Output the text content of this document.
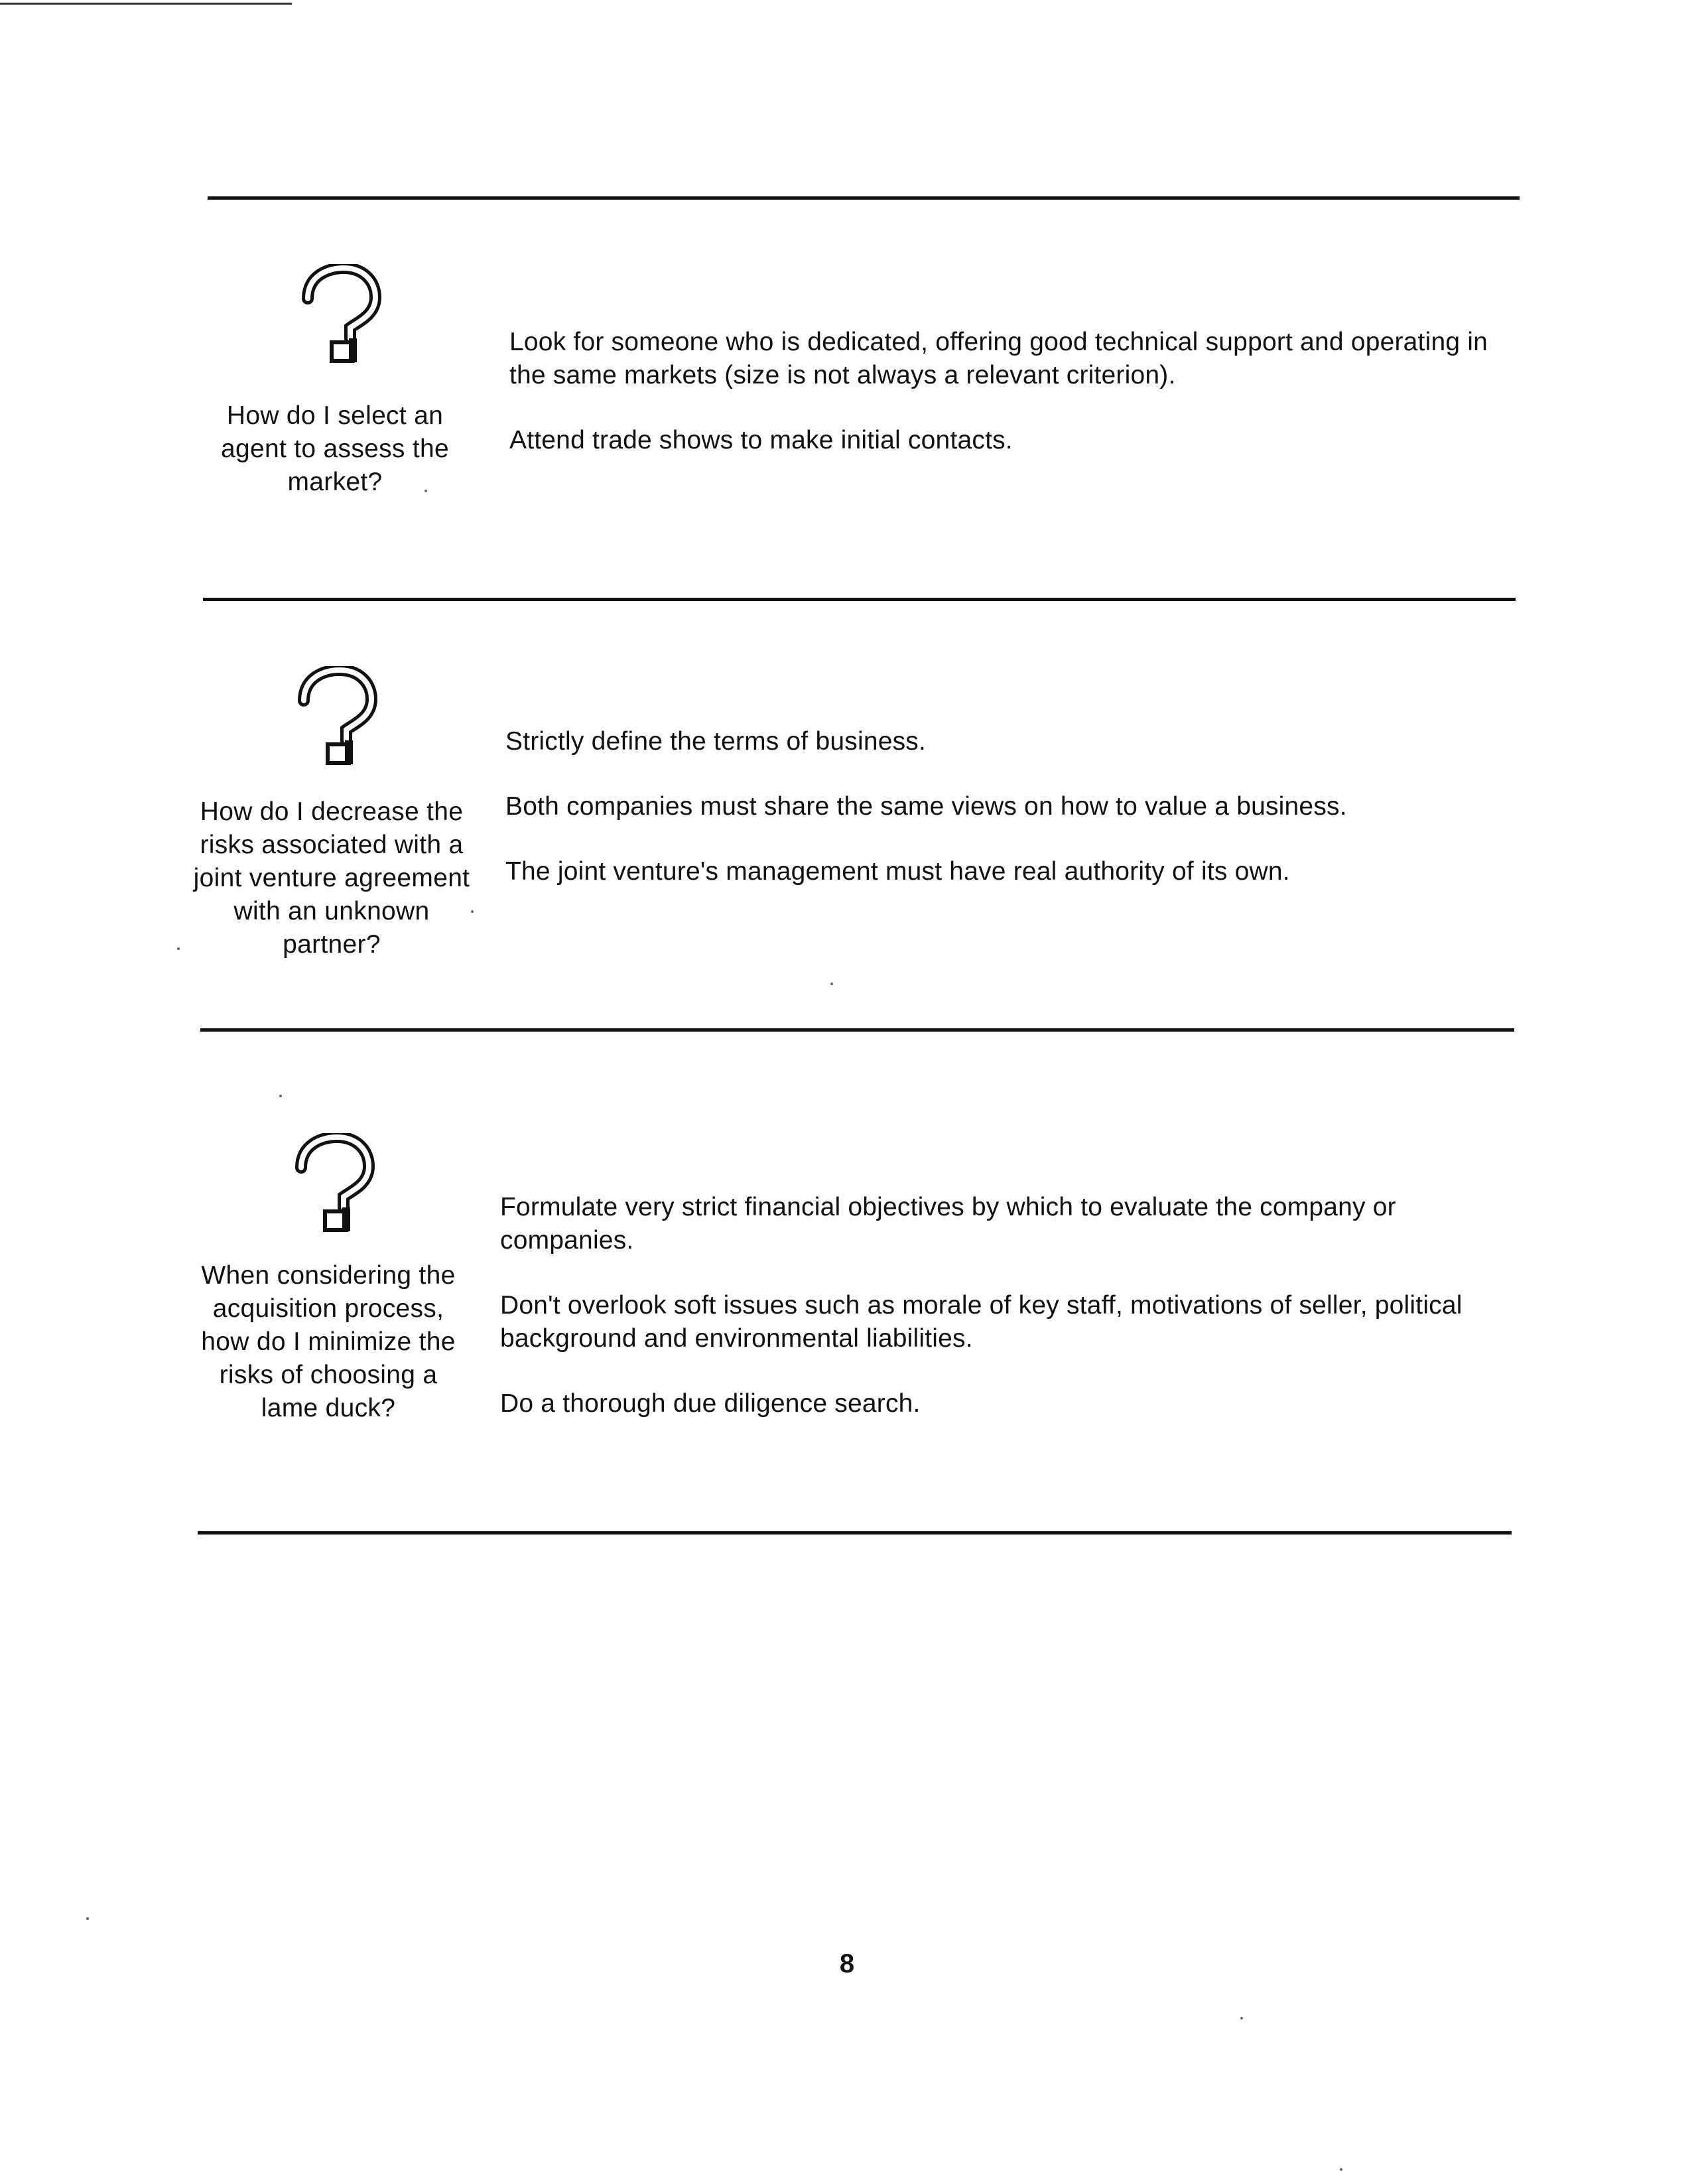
How do I select an agent to assess the market?

Look for someone who is dedicated, offering good technical support and operating in the same markets (size is not always a relevant criterion).

Attend trade shows to make initial contacts.

How do I decrease the risks associated with a joint venture agreement with an unknown partner?

Strictly define the terms of business.

Both companies must share the same views on how to value a business.

The joint venture's management must have real authority of its own.

When considering the acquisition process, how do I minimize the risks of choosing a lame duck?

Formulate very strict financial objectives by which to evaluate the company or companies.

Don't overlook soft issues such as morale of key staff, motivations of seller, political background and environmental liabilities.

Do a thorough due diligence search.

8
